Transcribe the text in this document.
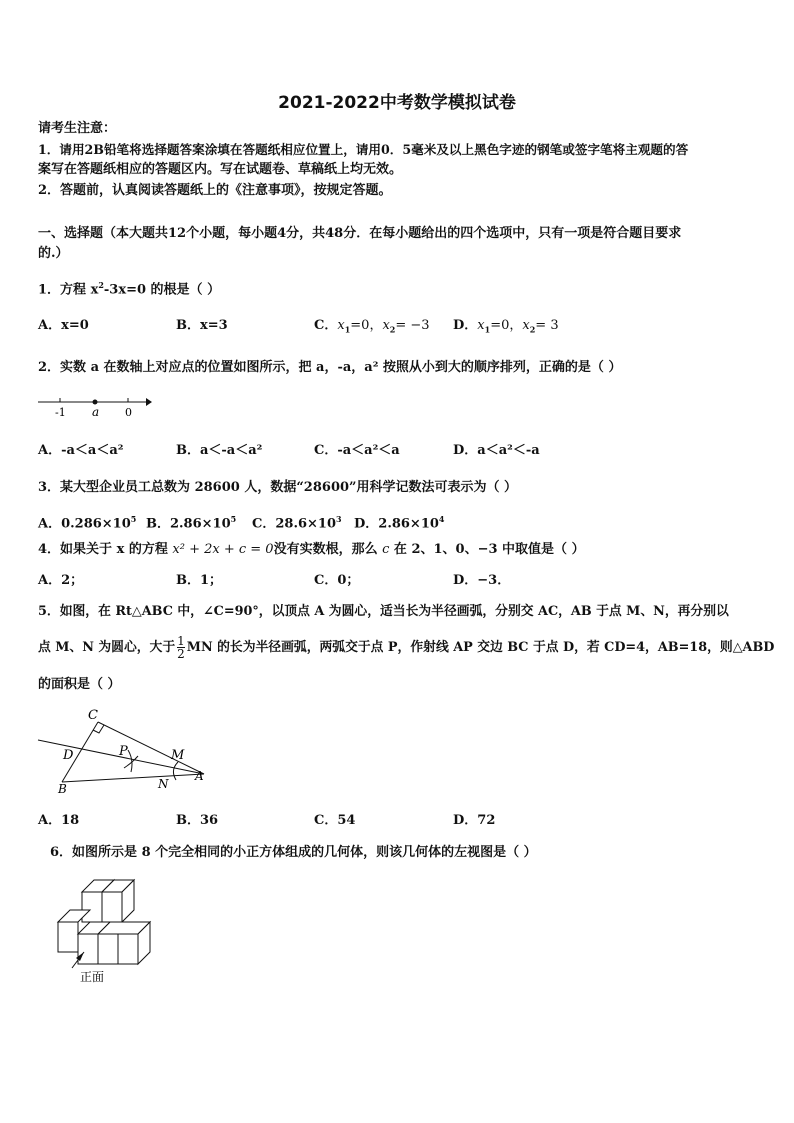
2021-2022中考数学模拟试卷
请考生注意：
1．请用2B铅笔将选择题答案涂填在答题纸相应位置上，请用0．5毫米及以上黑色字迹的钢笔或签字笔将主观题的答
案写在答题纸相应的答题区内。写在试题卷、草稿纸上均无效。
2．答题前，认真阅读答题纸上的《注意事项》，按规定答题。
一、选择题（本大题共12个小题，每小题4分，共48分．在每小题给出的四个选项中，只有一项是符合题目要求
的.）
1．方程 $x^2-3x=0$ 的根是（ ）
A．x=0	B．x=3	C．$x_1=0$，$x_2= -3$ D．$x_1=0$，$x_2= 3$
2．实数 a 在数轴上对应点的位置如图所示，把 a，-a，a² 按照从小到大的顺序排列，正确的是（ ）
-1 a 0
A．-a＜a＜a²	B．a＜-a＜a²	C．-a＜a²＜a	D．a＜a²＜-a
3．某大型企业员工总数为 28600 人，数据“28600”用科学记数法可表示为（ ）
A．$0.286\times 10^5$ B．$2.86\times 10^5$ C．$28.6\times 10^3$ D．$2.86\times 10^4$
4．如果关于 x 的方程 x² + 2x + c = 0没有实数根，那么 c 在 2、1、0、−3 中取值是（ ）
A．2；	B．1；	C．0；	D．−3．
5．如图，在 Rt△ABC 中，∠C=90°，以顶点 A 为圆心，适当长为半径画弧，分别交 AC，AB 于点 M、N，再分别以
点 M、N 为圆心，大于 $\frac{1}{2}$ MN 的长为半径画弧，两弧交于点 P，作射线 AP 交边 BC 于点 D，若 CD=4，AB=18，则△ABD
的面积是（ ）
C
D	P	M
A
B	N
A．18	B．36	C．54	D．72
6．如图所示是 8 个完全相同的小正方体组成的几何体，则该几何体的左视图是（ ）
正面
